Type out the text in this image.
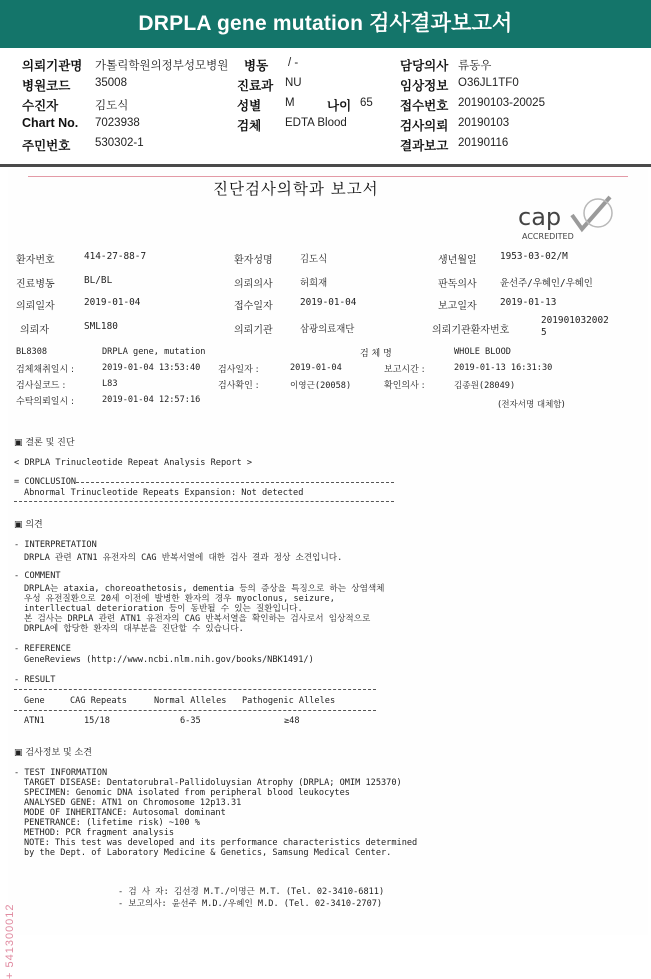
DRPLA gene mutation 검사결과보고서
의뢰기관명 가톨릭학원의정부성모병원 병동 / -	담당의사 류동우
병원코드 35008	진료과 NU	임상정보 O36JL1TF0
수진자	김도식	성별 M	나이 65 접수번호 20190103-20025
Chart No. 7023938	검체 EDTA Blood	검사의뢰 20190103
주민번호 530302-1	결과보고 20190116
진단검사의학과 보고서
cap
ACCREDITED
환자번호	414-27-88-7	환자성명	김도식	생년월일 1953-03-02/M
진료병동	BL/BL	의뢰의사	허희재	판독의사 윤선주/우혜인/우혜인
의뢰일자	2019-01-04	접수일자	2019-01-04	보고일자 2019-01-13
의뢰자	SML180	의뢰기관	삼광의료재단	의뢰기관환자번호
201901032002
5
BL8308	DRPLA gene, mutation	검 체 명	WHOLE BLOOD
검체채취일시 :	2019-01-04 13:53:40 검사일자 :	2019-01-04	보고시간 :	2019-01-13 16:31:30
검사실코드 :	L83	검사확인 :	이영근(20058)	확인의사 :	김종원(28049)
수탁의뢰일시 :	2019-01-04 12:57:16	(전자서명 대체함)
▣ 결론 및 진단
< DRPLA Trinucleotide Repeat Analysis Report >
= CONCLUSION
Abnormal Trinucleotide Repeats Expansion: Not detected
▣ 의견
- INTERPRETATION
DRPLA 관련 ATN1 유전자의 CAG 반복서열에 대한 검사 결과 정상 소견입니다.
- COMMENT
DRPLA는 ataxia, choreoathetosis, dementia 등의 증상을 특징으로 하는 상염색체
우성 유전질환으로 20세 이전에 발병한 환자의 경우 myoclonus, seizure,
interllectual deterioration 등이 동반될 수 있는 질환입니다.
본 검사는 DRPLA 관련 ATN1 유전자의 CAG 반복서열을 확인하는 검사로서 임상적으로
DRPLA에 합당한 환자의 대부분을 진단할 수 있습니다.
- REFERENCE
GeneReviews (http://www.ncbi.nlm.nih.gov/books/NBK1491/)
- RESULT
Gene	CAG Repeats	Normal Alleles Pathogenic Alleles
ATN1	15/18	6-35	≥48
▣ 검사정보 및 소견
- TEST INFORMATION
TARGET DISEASE: Dentatorubral-Pallidoluysian Atrophy (DRPLA; OMIM 125370)
SPECIMEN: Genomic DNA isolated from peripheral blood leukocytes
ANALYSED GENE: ATN1 on Chromosome 12p13.31
MODE OF INHERITANCE: Autosomal dominant
PENETRANCE: (lifetime risk) ~100 %
METHOD: PCR fragment analysis
NOTE: This test was developed and its performance characteristics determined
by the Dept. of Laboratory Medicine & Genetics, Samsung Medical Center.
- 검 사 자: 김선경 M.T./이명근 M.T. (Tel. 02-3410-6811)
- 보고의사: 윤선주 M.D./우혜인 M.D. (Tel. 02-3410-2707)
+ 541300012
